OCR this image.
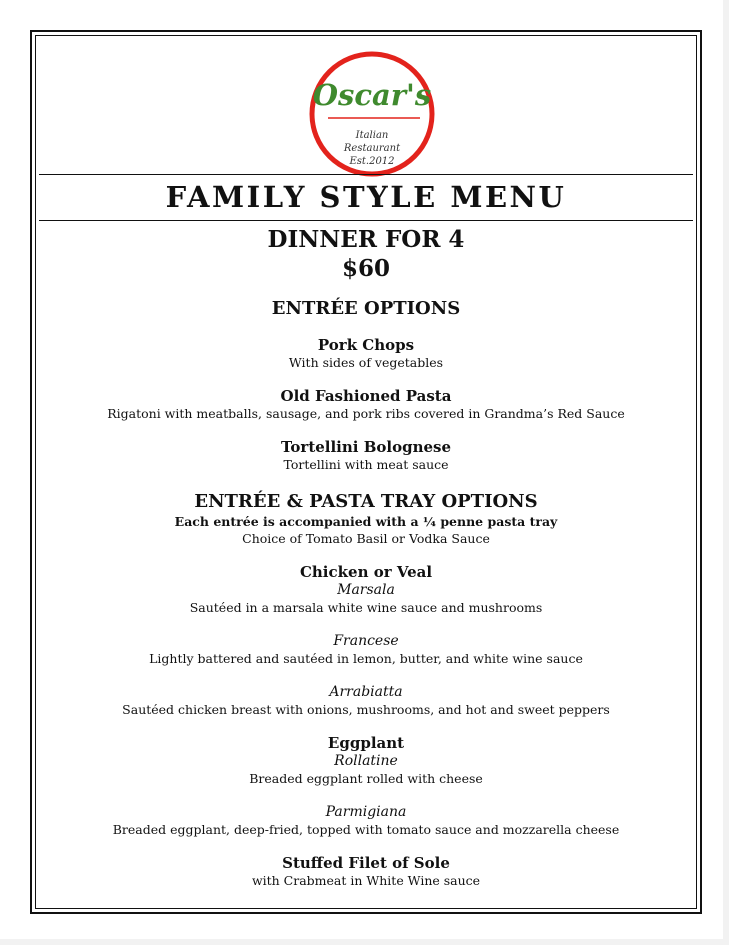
Oscar's
Italian
Restaurant
Est.2012
FAMILY STYLE MENU
DINNER FOR 4
$60
ENTRÉE OPTIONS
Pork Chops
With sides of vegetables
Old Fashioned Pasta
Rigatoni with meatballs, sausage, and pork ribs covered in Grandma’s Red Sauce
Tortellini Bolognese
Tortellini with meat sauce
ENTRÉE & PASTA TRAY OPTIONS
Each entrée is accompanied with a ¼ penne pasta tray
Choice of Tomato Basil or Vodka Sauce
Chicken or Veal
Marsala
Sautéed in a marsala white wine sauce and mushrooms
Francese
Lightly battered and sautéed in lemon, butter, and white wine sauce
Arrabiatta
Sautéed chicken breast with onions, mushrooms, and hot and sweet peppers
Eggplant
Rollatine
Breaded eggplant rolled with cheese
Parmigiana
Breaded eggplant, deep-fried, topped with tomato sauce and mozzarella cheese
Stuffed Filet of Sole
with Crabmeat in White Wine sauce
